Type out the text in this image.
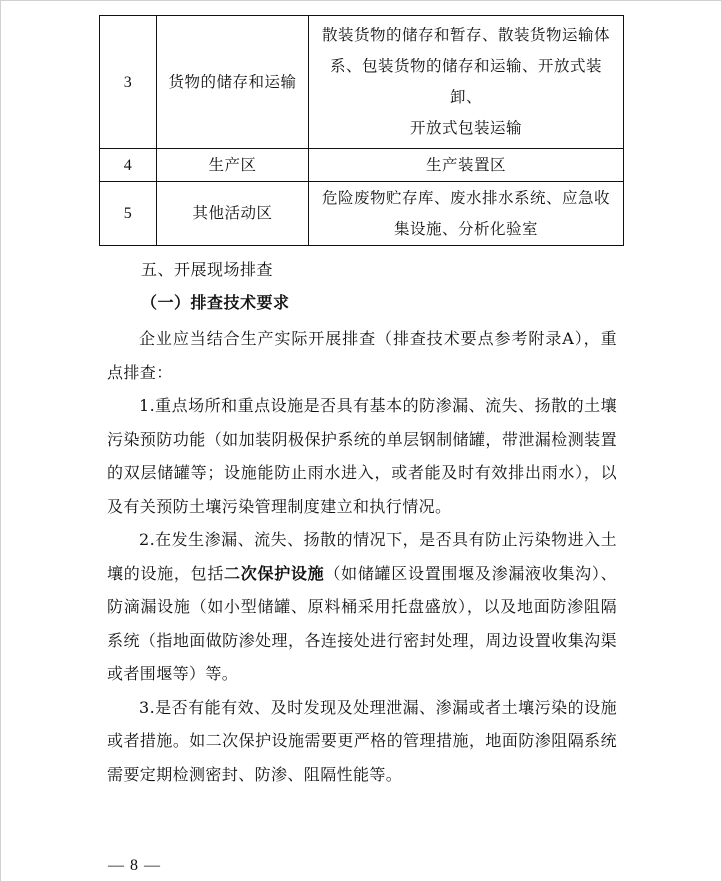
3	货物的储存和运输	散装货物的储存和暂存、散装货物运输体
系、包装货物的储存和运输、开放式装卸、
开放式包装运输
4	生产区	生产装置区
5	其他活动区	危险废物贮存库、废水排水系统、应急收
集设施、分析化验室
五、开展现场排查
（一）排查技术要求

企业应当结合生产实际开展排查（排查技术要点参考附录A），重点排查：

1.重点场所和重点设施是否具有基本的防渗漏、流失、扬散的土壤污染预防功能（如加装阴极保护系统的单层钢制储罐，带泄漏检测装置的双层储罐等；设施能防止雨水进入，或者能及时有效排出雨水），以及有关预防土壤污染管理制度建立和执行情况。

2.在发生渗漏、流失、扬散的情况下，是否具有防止污染物进入土壤的设施，包括二次保护设施（如储罐区设置围堰及渗漏液收集沟）、防滴漏设施（如小型储罐、原料桶采用托盘盛放），以及地面防渗阻隔系统（指地面做防渗处理，各连接处进行密封处理，周边设置收集沟渠或者围堰等）等。

3.是否有能有效、及时发现及处理泄漏、渗漏或者土壤污染的设施或者措施。如二次保护设施需要更严格的管理措施，地面防渗阻隔系统需要定期检测密封、防渗、阻隔性能等。

— 8 —
